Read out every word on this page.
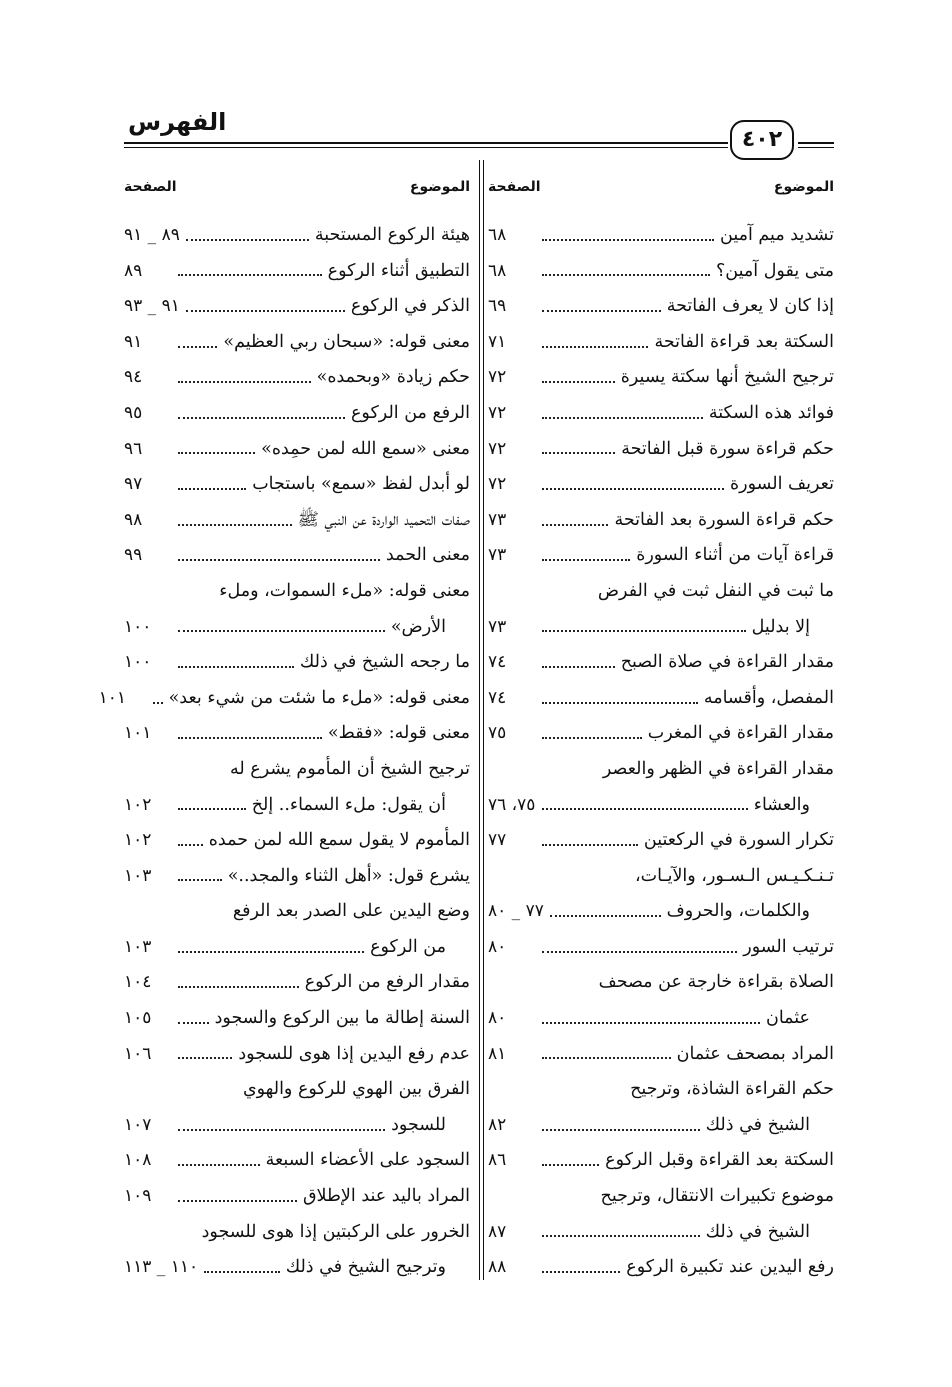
الفهرس
٤٠٢
الموضوع
الصفحة
تشديد ميم آمين
٦٨
متى يقول آمين؟
٦٨
إذا كان لا يعرف الفاتحة
٦٩
السكتة بعد قراءة الفاتحة
٧١
ترجيح الشيخ أنها سكتة يسيرة
٧٢
فوائد هذه السكتة
٧٢
حكم قراءة سورة قبل الفاتحة
٧٢
تعريف السورة
٧٢
حكم قراءة السورة بعد الفاتحة
٧٣
قراءة آيات من أثناء السورة
٧٣
ما ثبت في النفل ثبت في الفرض
إلا بدليل
٧٣
مقدار القراءة في صلاة الصبح
٧٤
المفصل، وأقسامه
٧٤
مقدار القراءة في المغرب
٧٥
مقدار القراءة في الظهر والعصر
والعشاء
٧٥، ٧٦
تكرار السورة في الركعتين
٧٧
تـنـكـيـس الـسـور، والآيـات،
والكلمات، والحروف
٧٧ _ ٨٠
ترتيب السور
٨٠
الصلاة بقراءة خارجة عن مصحف
عثمان
٨٠
المراد بمصحف عثمان
٨١
حكم القراءة الشاذة، وترجيح
الشيخ في ذلك
٨٢
السكتة بعد القراءة وقبل الركوع
٨٦
موضوع تكبيرات الانتقال، وترجيح
الشيخ في ذلك
٨٧
رفع اليدين عند تكبيرة الركوع
٨٨
الموضوع
الصفحة
هيئة الركوع المستحبة
٨٩ _ ٩١
التطبيق أثناء الركوع
٨٩
الذكر في الركوع
٩١ _ ٩٣
معنى قوله: «سبحان ربي العظيم»
٩١
حكم زيادة «وبحمده»
٩٤
الرفع من الركوع
٩٥
معنى «سمع الله لمن حمِده»
٩٦
لو أبدل لفظ «سمع» باستجاب
٩٧
صفات التحميد الواردة عن النبي ﷺ
٩٨
معنى الحمد
٩٩
معنى قوله: «ملء السموات، وملء
الأرض»
١٠٠
ما رجحه الشيخ في ذلك
١٠٠
معنى قوله: «ملء ما شئت من شيء بعد»
١٠١
معنى قوله: «فقط»
١٠١
ترجيح الشيخ أن المأموم يشرع له
أن يقول: ملء السماء.. إلخ
١٠٢
المأموم لا يقول سمع الله لمن حمده
١٠٢
يشرع قول: «أهل الثناء والمجد..»
١٠٣
وضع اليدين على الصدر بعد الرفع
من الركوع
١٠٣
مقدار الرفع من الركوع
١٠٤
السنة إطالة ما بين الركوع والسجود
١٠٥
عدم رفع اليدين إذا هوى للسجود
١٠٦
الفرق بين الهوي للركوع والهوي
للسجود
١٠٧
السجود على الأعضاء السبعة
١٠٨
المراد باليد عند الإطلاق
١٠٩
الخرور على الركبتين إذا هوى للسجود
وترجيح الشيخ في ذلك
١١٠ _ ١١٣
